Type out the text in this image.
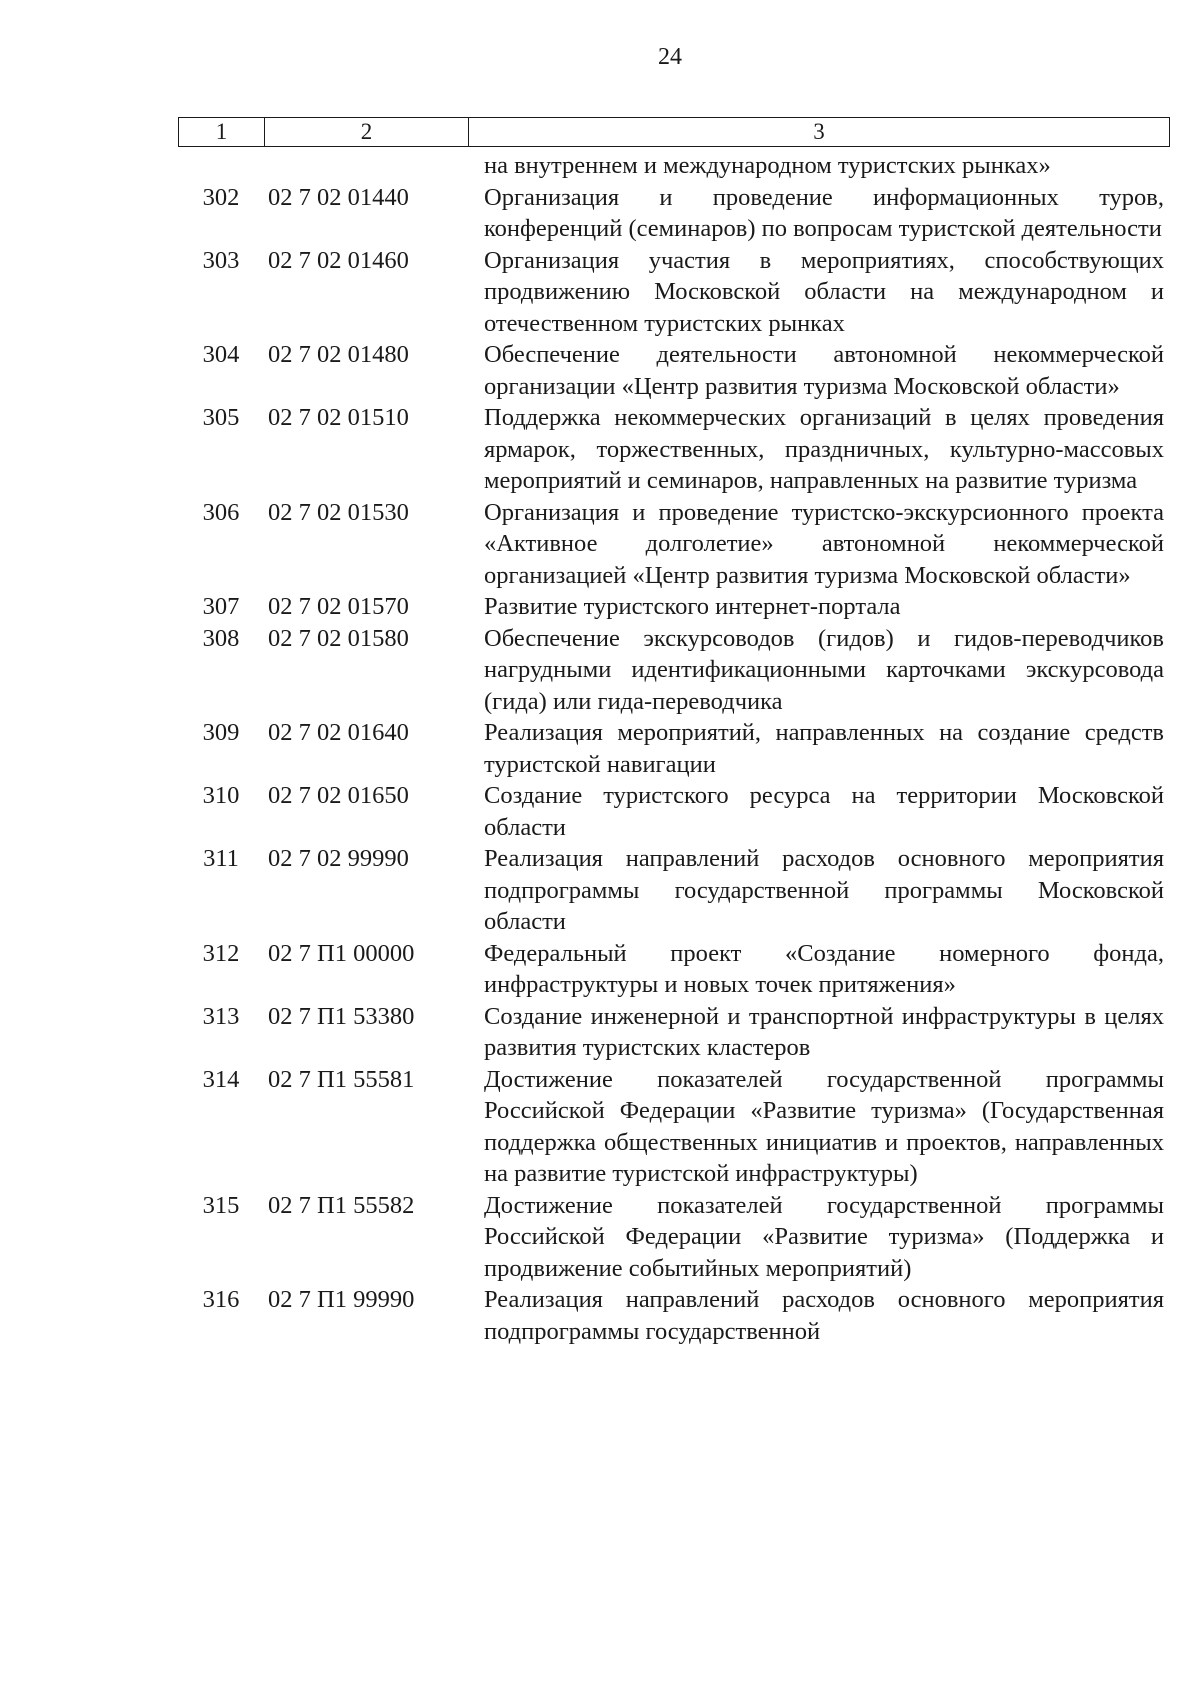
24
1	2	3
на внутреннем и международном туристских рынках»
302	02 7 02 01440	Организация и проведение информационных туров, конференций (семинаров) по вопросам туристской деятельности
303	02 7 02 01460	Организация участия в мероприятиях, способствующих продвижению Московской области на международном и отечественном туристских рынках
304	02 7 02 01480	Обеспечение деятельности автономной некоммерческой организации «Центр развития туризма Московской области»
305	02 7 02 01510	Поддержка некоммерческих организаций в целях проведения ярмарок, торжественных, праздничных, культурно-массовых мероприятий и семинаров, направленных на развитие туризма
306	02 7 02 01530	Организация и проведение туристско-экскурсионного проекта «Активное долголетие» автономной некоммерческой организацией «Центр развития туризма Московской области»
307	02 7 02 01570	Развитие туристского интернет-портала
308	02 7 02 01580	Обеспечение экскурсоводов (гидов) и гидов-переводчиков нагрудными идентификационными карточками экскурсовода (гида) или гида-переводчика
309	02 7 02 01640	Реализация мероприятий, направленных на создание средств туристской навигации
310	02 7 02 01650	Создание туристского ресурса на территории Московской области
311	02 7 02 99990	Реализация направлений расходов основного мероприятия подпрограммы государственной программы Московской области
312	02 7 П1 00000	Федеральный проект «Создание номерного фонда, инфраструктуры и новых точек притяжения»
313	02 7 П1 53380	Создание инженерной и транспортной инфраструктуры в целях развития туристских кластеров
314	02 7 П1 55581	Достижение показателей государственной программы Российской Федерации «Развитие туризма» (Государственная поддержка общественных инициатив и проектов, направленных на развитие туристской инфраструктуры)
315	02 7 П1 55582	Достижение показателей государственной программы Российской Федерации «Развитие туризма» (Поддержка и продвижение событийных мероприятий)
316	02 7 П1 99990	Реализация направлений расходов основного мероприятия подпрограммы государственной
